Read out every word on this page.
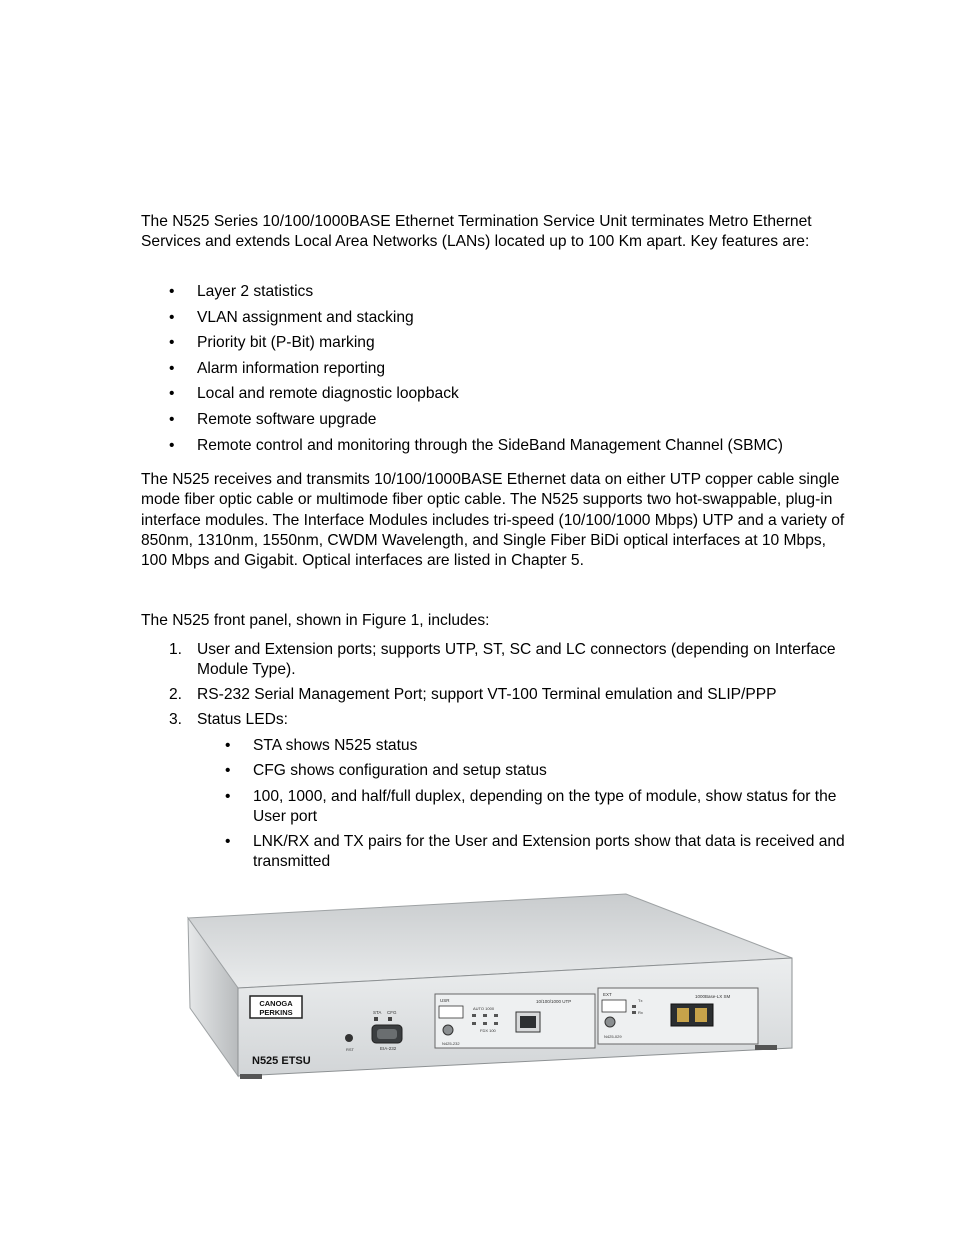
The N525 Series 10/100/1000BASE Ethernet Termination Service Unit terminates Metro Ethernet Services and extends Local Area Networks (LANs) located up to 100 Km apart. Key features are:

• Layer 2 statistics
• VLAN assignment and stacking
• Priority bit (P-Bit) marking
• Alarm information reporting
• Local and remote diagnostic loopback
• Remote software upgrade
• Remote control and monitoring through the SideBand Management Channel (SBMC)

The N525 receives and transmits 10/100/1000BASE Ethernet data on either UTP copper cable single mode fiber optic cable or multimode fiber optic cable. The N525 supports two hot-swappable, plug-in interface modules. The Interface Modules includes tri-speed (10/100/1000 Mbps) UTP and a variety of 850nm, 1310nm, 1550nm, CWDM Wavelength, and Single Fiber BiDi optical interfaces at 10 Mbps, 100 Mbps and Gigabit. Optical interfaces are listed in Chapter 5.

The N525 front panel, shown in Figure 1, includes:

1. User and Extension ports; supports UTP, ST, SC and LC connectors (depending on Interface Module Type).
2. RS-232 Serial Management Port; support VT-100 Terminal emulation and SLIP/PPP
3. Status LEDs:
• STA shows N525 status
• CFG shows configuration and setup status
• 100, 1000, and half/full duplex, depending on the type of module, show status for the User port
• LNK/RX and TX pairs for the User and Extension ports show that data is received and transmitted
CANOGA
PERKINS
N525 ETSU
RST
STA CFG
EIA-232
USR	10/100/1000 UTP
N425-232
AUTO 1000
FDX 100
EXT	1000Base-LX SM
N425-029
Tx
Rx
